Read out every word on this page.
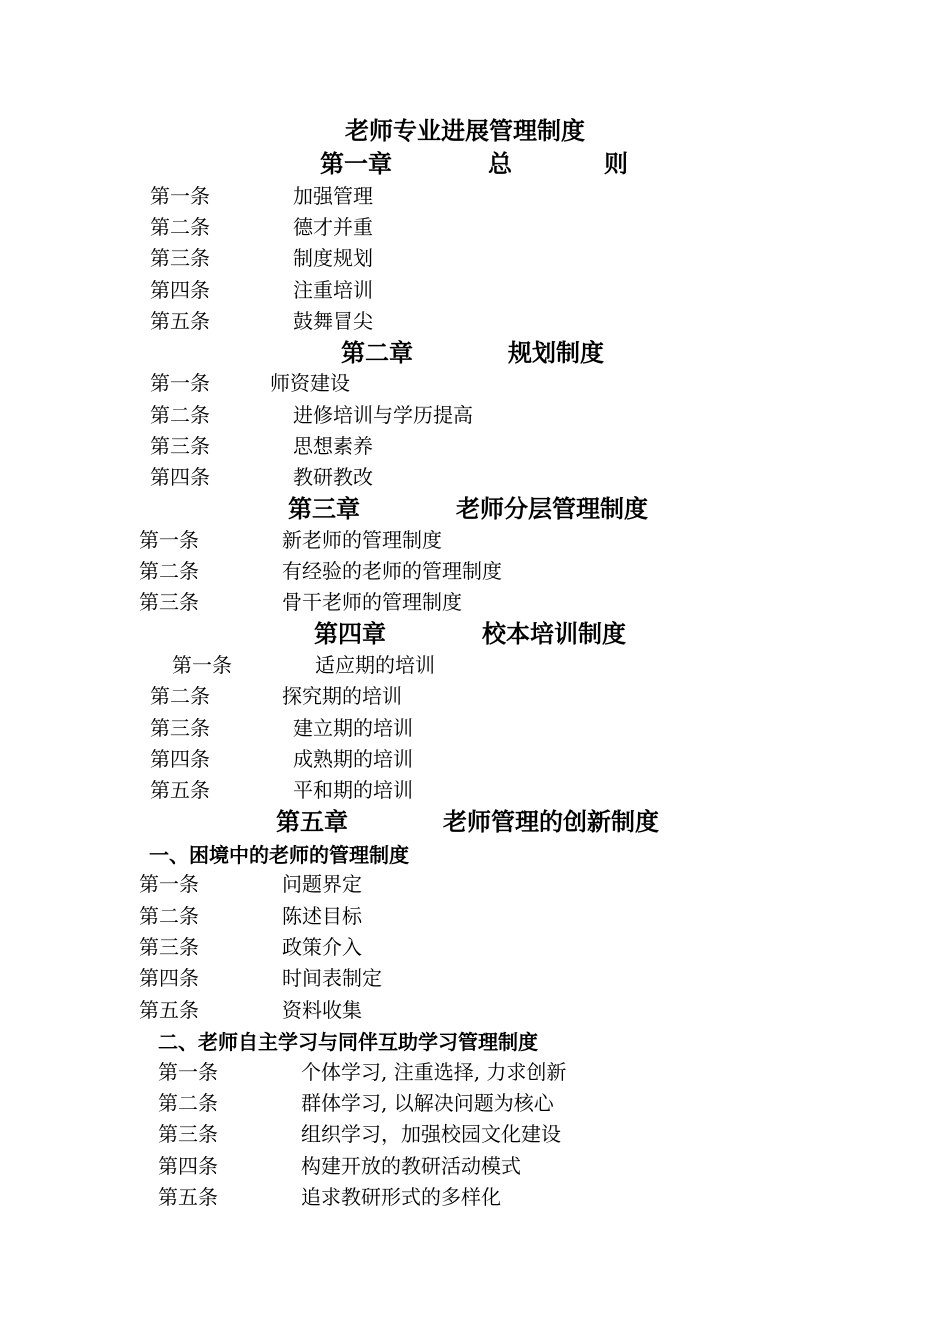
老师专业进展管理制度
第一章	总	则
第一条	加强管理
第二条	德才并重
第三条	制度规划
第四条	注重培训
第五条	鼓舞冒尖
第二章	规划制度
第一条	师资建设
第二条	进修培训与学历提高
第三条	思想素养
第四条	教研教改
第三章	老师分层管理制度
第一条	新老师的管理制度
第二条	有经验的老师的管理制度
第三条	骨干老师的管理制度
第四章	校本培训制度
第一条	适应期的培训
第二条	探究期的培训
第三条	建立期的培训
第四条	成熟期的培训
第五条	平和期的培训
第五章	老师管理的创新制度
一、困境中的老师的管理制度
第一条	问题界定
第二条	陈述目标
第三条	政策介入
第四条	时间表制定
第五条	资料收集
二、老师自主学习与同伴互助学习管理制度
第一条	个体学习, 注重选择, 力求创新
第二条	群体学习, 以解决问题为核心
第三条	组织学习，加强校园文化建设
第四条	构建开放的教研活动模式
第五条	追求教研形式的多样化
